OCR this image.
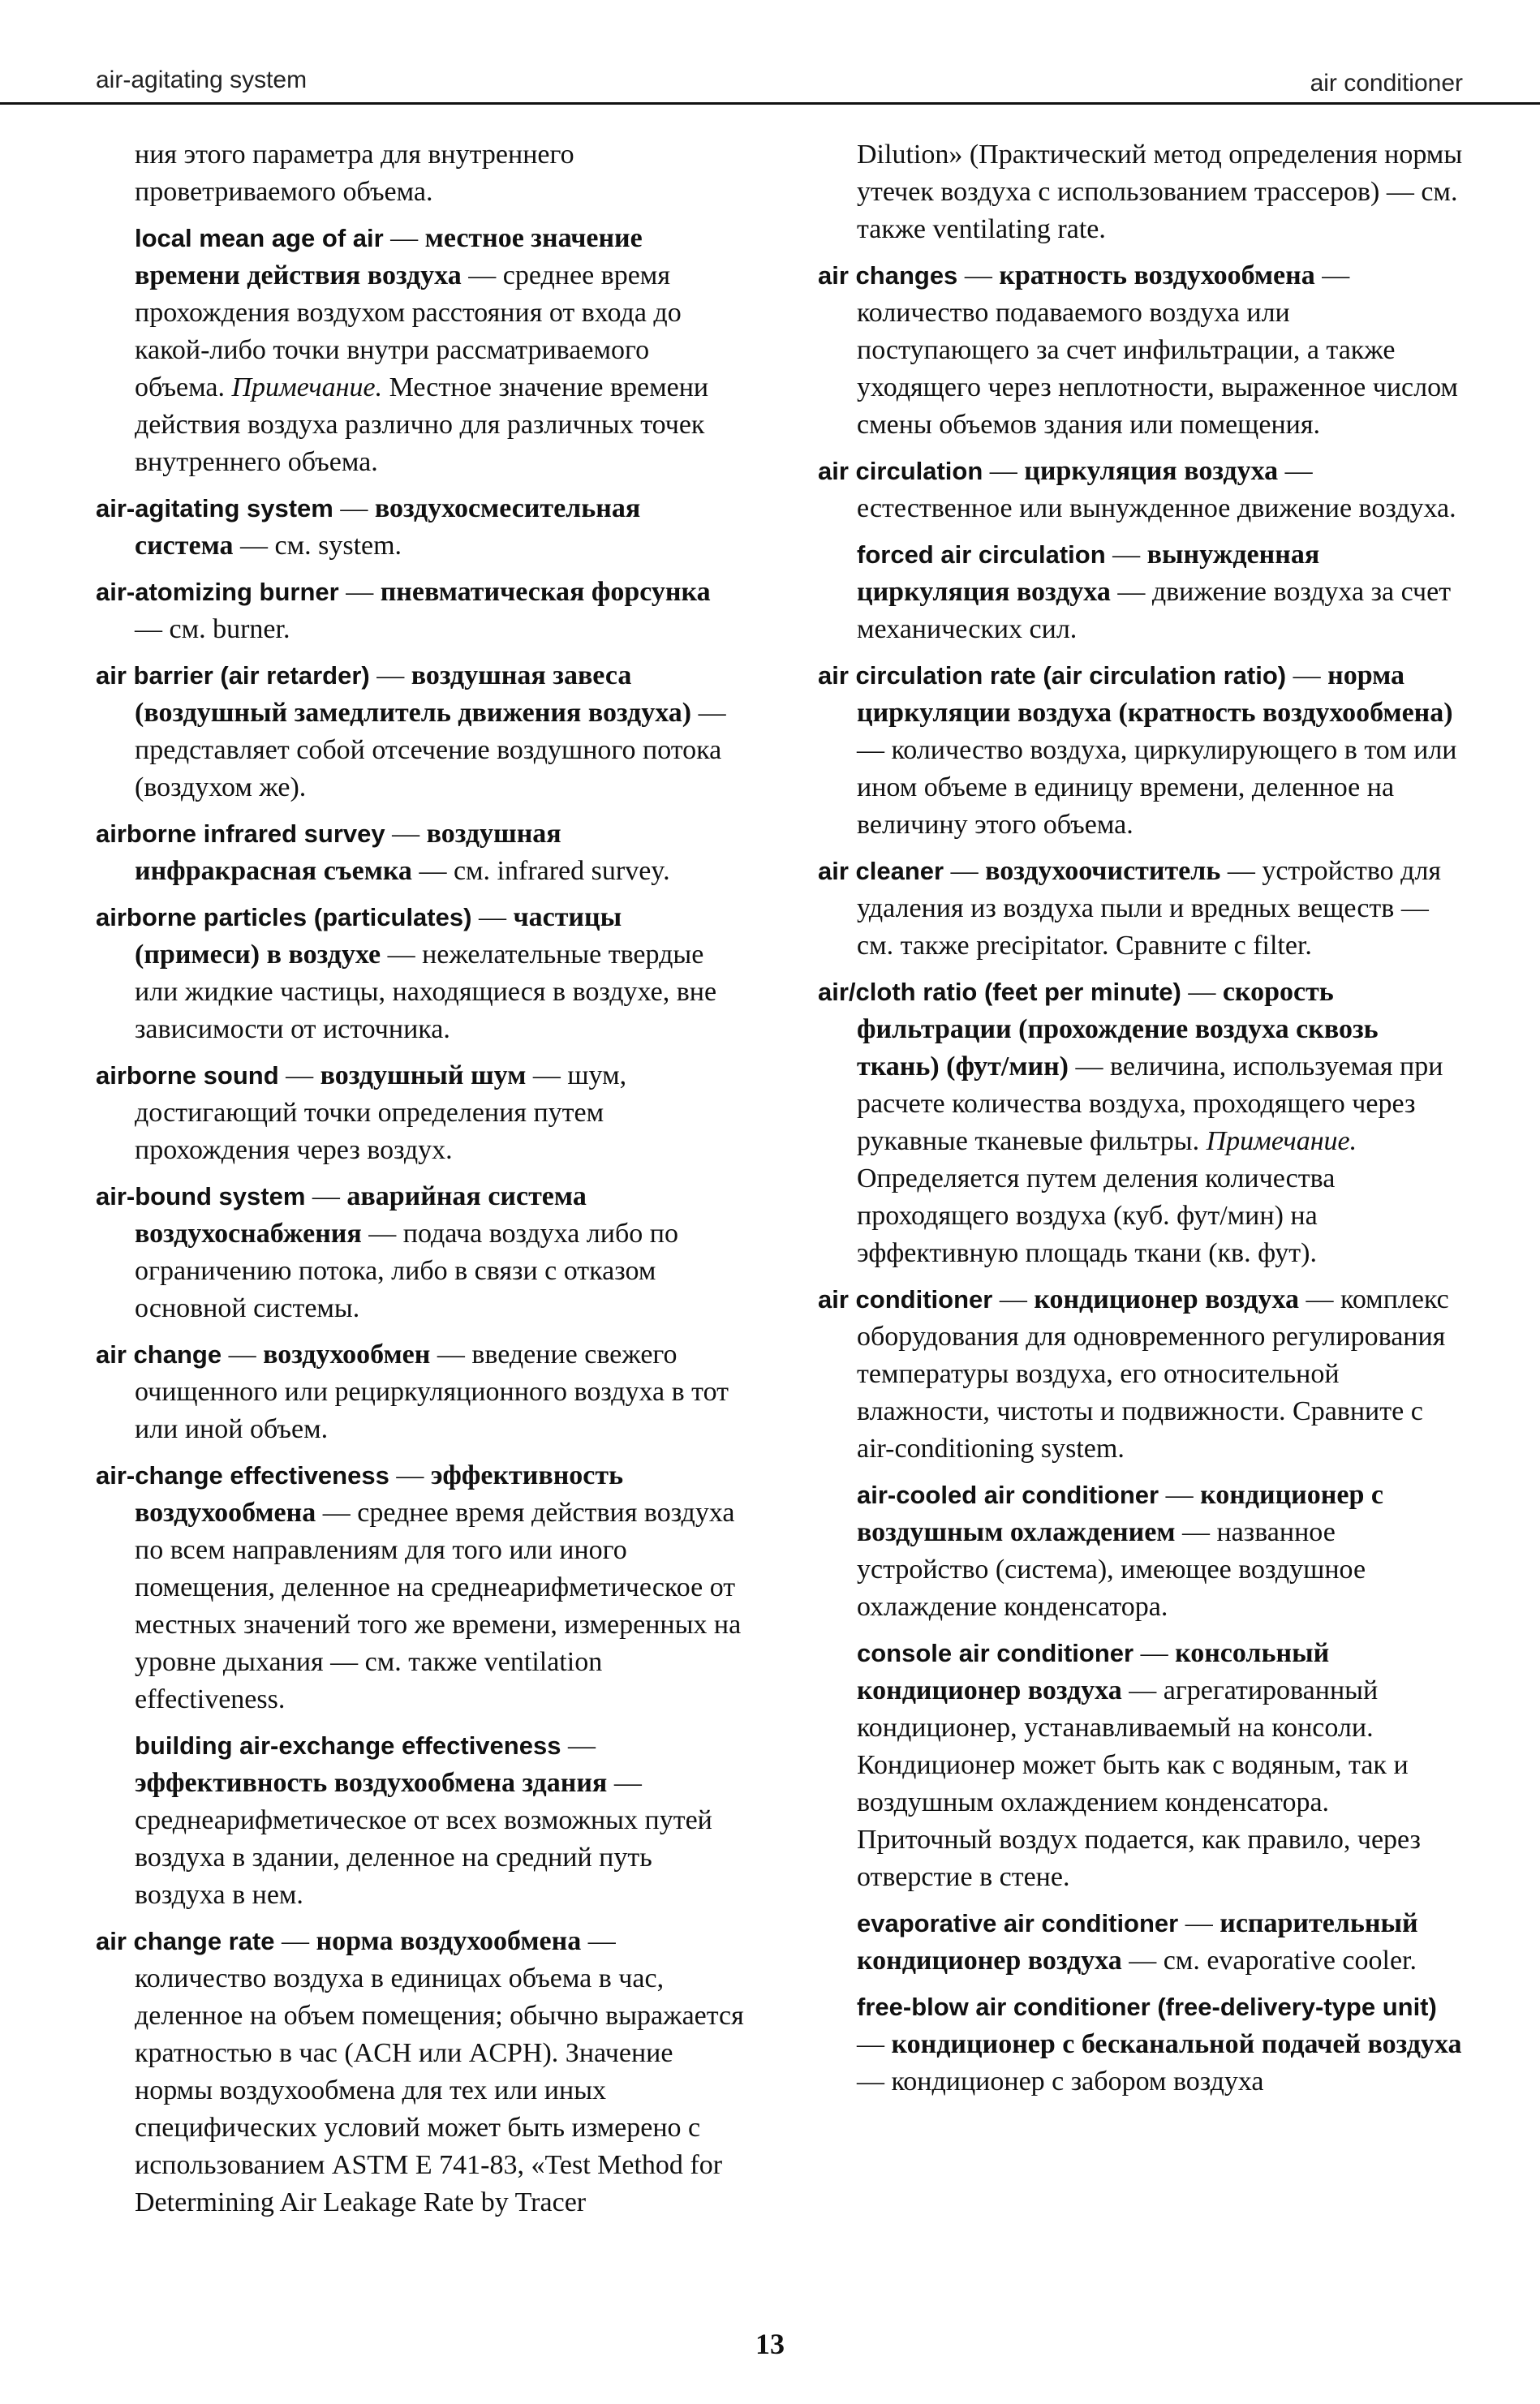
air-agitating system	air conditioner

ния этого параметра для внутреннего проветриваемого объема.

local mean age of air — местное значение времени действия воздуха — среднее время прохождения воздухом расстояния от входа до какой-либо точки внутри рассматриваемого объема. Примечание. Местное значение времени действия воздуха различно для различных точек внутреннего объема.

air-agitating system — воздухосмесительная система — см. system.

air-atomizing burner — пневматическая форсунка — см. burner.

air barrier (air retarder) — воздушная завеса (воздушный замедлитель движения воздуха) — представляет собой отсечение воздушного потока (воздухом же).

airborne infrared survey — воздушная инфракрасная съемка — см. infrared survey.

airborne particles (particulates) — частицы (примеси) в воздухе — нежелательные твердые или жидкие частицы, находящиеся в воздухе, вне зависимости от источника.

airborne sound — воздушный шум — шум, достигающий точки определения путем прохождения через воздух.

air-bound system — аварийная система воздухоснабжения — подача воздуха либо по ограничению потока, либо в связи с отказом основной системы.

air change — воздухообмен — введение свежего очищенного или рециркуляционного воздуха в тот или иной объем.

air-change effectiveness — эффективность воздухообмена — среднее время действия воздуха по всем направлениям для того или иного помещения, деленное на среднеарифметическое от местных значений того же времени, измеренных на уровне дыхания — см. также ventilation effectiveness.

building air-exchange effectiveness — эффективность воздухообмена здания — среднеарифметическое от всех возможных путей воздуха в здании, деленное на средний путь воздуха в нем.

air change rate — норма воздухообмена — количество воздуха в единицах объема в час, деленное на объем помещения; обычно выражается кратностью в час (ACH или ACPH). Значение нормы воздухообмена для тех или иных специфических условий может быть измерено с использованием ASTM E 741-83, «Test Method for Determining Air Leakage Rate by Tracer

Dilution» (Практический метод определения нормы утечек воздуха с использованием трассеров) — см. также ventilating rate.

air changes — кратность воздухообмена — количество подаваемого воздуха или поступающего за счет инфильтрации, а также уходящего через неплотности, выраженное числом смены объемов здания или помещения.

air circulation — циркуляция воздуха — естественное или вынужденное движение воздуха.

forced air circulation — вынужденная циркуляция воздуха — движение воздуха за счет механических сил.

air circulation rate (air circulation ratio) — норма циркуляции воздуха (кратность воздухообмена) — количество воздуха, циркулирующего в том или ином объеме в единицу времени, деленное на величину этого объема.

air cleaner — воздухоочиститель — устройство для удаления из воздуха пыли и вредных веществ — см. также precipitator. Сравните с filter.

air/cloth ratio (feet per minute) — скорость фильтрации (прохождение воздуха сквозь ткань) (фут/мин) — величина, используемая при расчете количества воздуха, проходящего через рукавные тканевые фильтры. Примечание. Определяется путем деления количества проходящего воздуха (куб. фут/мин) на эффективную площадь ткани (кв. фут).

air conditioner — кондиционер воздуха — комплекс оборудования для одновременного регулирования температуры воздуха, его относительной влажности, чистоты и подвижности. Сравните с air-conditioning system.

air-cooled air conditioner — кондиционер с воздушным охлаждением — названное устройство (система), имеющее воздушное охлаждение конденсатора.

console air conditioner — консольный кондиционер воздуха — агрегатированный кондиционер, устанавливаемый на консоли. Кондиционер может быть как с водяным, так и воздушным охлаждением конденсатора. Приточный воздух подается, как правило, через отверстие в стене.

evaporative air conditioner — испарительный кондиционер воздуха — см. evaporative cooler.

free-blow air conditioner (free-delivery-type unit) — кондиционер с бесканальной подачей воздуха — кондиционер с забором воздуха

13
